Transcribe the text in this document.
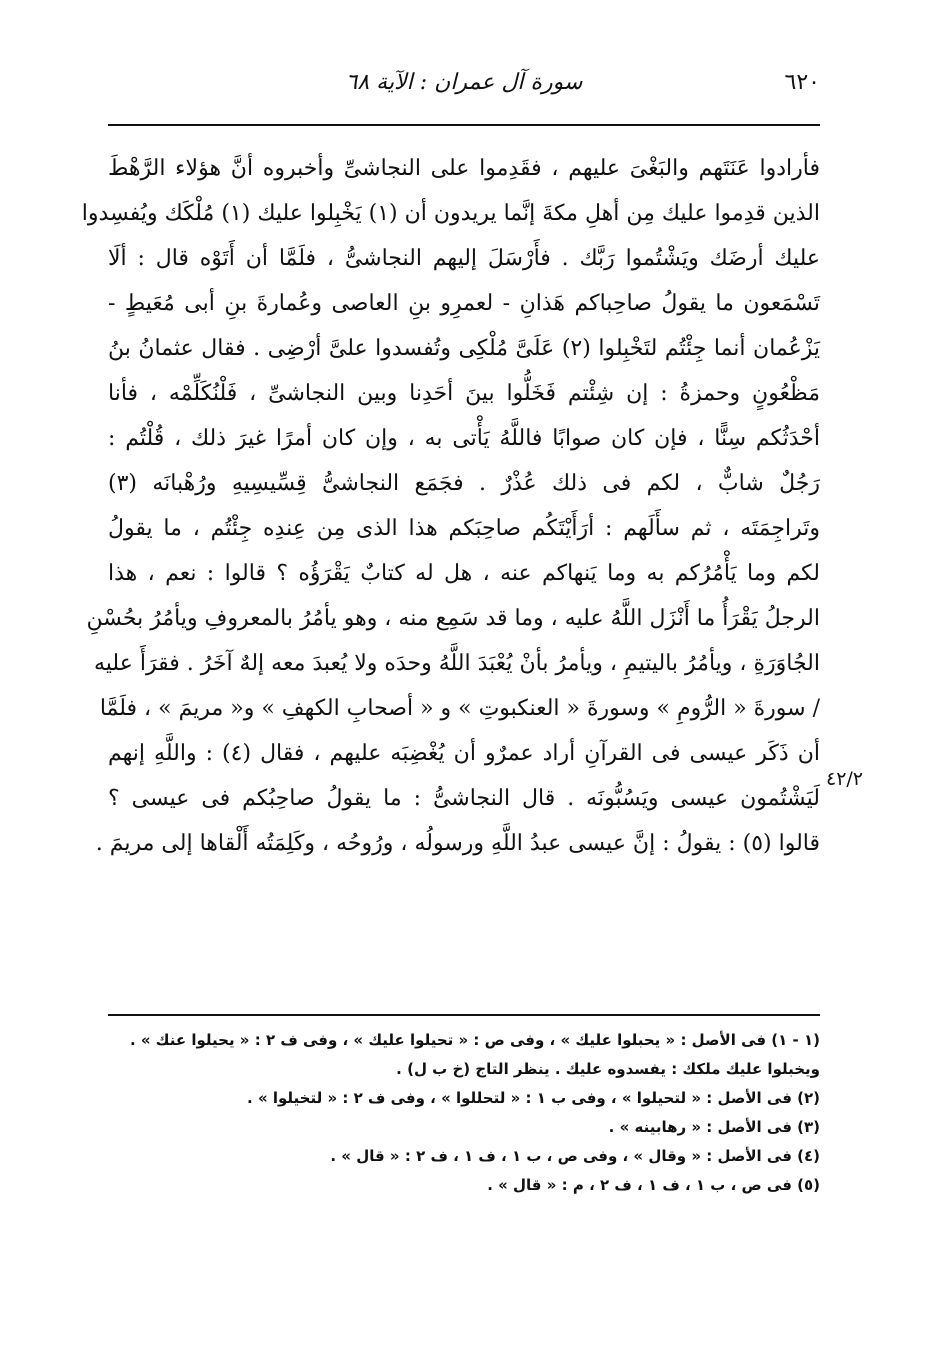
٦٢٠
سورة آل عمران : الآية ٦٨
٤٢/٢
فأرادوا عَنَتَهم والبَغْىَ عليهم ، فقَدِموا على النجاشىِّ وأخبروه أنَّ هؤلاء الرَّهْطَ
الذين قدِموا عليك مِن أهلِ مكةَ إنَّما يريدون أن (١) يَخْبِلوا عليك (١) مُلْكَك ويُفسِدوا
عليك أرضَك ويَشْتُموا رَبَّك . فأَرْسَلَ إليهم النجاشىُّ ، فلَمَّا أن أَتَوْه قال : ألَا
تَسْمَعون ما يقولُ صاحِباكم هَذانِ - لعمرِو بنِ العاصى وعُمارةَ بنِ أبى مُعَيطٍ -
يَزْعُمان أنما جِئْتُم لتَخْبِلوا (٢) عَلَىَّ مُلْكِى وتُفسدوا علىَّ أرْضِى . فقال عثمانُ بنُ
مَظْعُونٍ وحمزةُ : إن شِئْتم فَخَلُّوا بينَ أحَدِنا وبين النجاشىِّ ، فَلْنُكَلِّمْه ، فأنا
أحْدَثُكم سِنًّا ، فإن كان صوابًا فاللَّهُ يَأْتى به ، وإن كان أمرًا غيرَ ذلك ، قُلْتُم :
رَجُلٌ شابٌّ ، لكم فى ذلك عُذْرٌ . فجَمَع النجاشىُّ قِسِّيسِيهِ ورُهْبانَه (٣)
وتَراجِمَتَه ، ثم سأَلَهم : أرَأَيْتَكُم صاحِبَكم هذا الذى مِن عِندِه جِئْتُم ، ما يقولُ
لكم وما يَأْمُرُكم به وما يَنهاكم عنه ، هل له كتابٌ يَقْرَؤُه ؟ قالوا : نعم ، هذا
الرجلُ يَقْرَأُ ما أَنْزَل اللَّهُ عليه ، وما قد سَمِع منه ، وهو يأمُرُ بالمعروفِ ويأمُرُ بحُسْنِ
الجُاوَرَةِ ، ويأمُرُ باليتيمِ ، ويأمرُ بأنْ يُعْبَدَ اللَّهُ وحدَه ولا يُعبدَ معه إلهٌ آخَرُ . فقرَأَ عليه
/ سورةَ « الرُّومِ » وسورةَ « العنكبوتِ » و « أصحابِ الكهفِ » و« مريمَ » ، فلَمَّا
أن ذَكَر عيسى فى القرآنِ أراد عمرٌو أن يُغْضِبَه عليهم ، فقال (٤) : واللَّهِ إنهم
لَيَشْتُمون عيسى ويَسُبُّونَه . قال النجاشىُّ : ما يقولُ صاحِبُكم فى عيسى ؟
قالوا (٥) : يقولُ : إنَّ عيسى عبدُ اللَّهِ ورسولُه ، ورُوحُه ، وكَلِمَتُه أَلْقاها إلى مريمَ .
(١ - ١) فى الأصل : « يحبلوا عليك » ، وفى ص : « تحيلوا عليك » ، وفى ف ٢ : « يحيلوا عنك » .
ويخبلوا عليك ملكك : يفسدوه عليك . ينظر التاج (خ ب ل) .
(٢) فى الأصل : « لتحيلوا » ، وفى ب ١ : « لتحللوا » ، وفى ف ٢ : « لتخيلوا » .
(٣) فى الأصل : « رهابينه » .
(٤) فى الأصل : « وقال » ، وفى ص ، ب ١ ، ف ١ ، ف ٢ : « قال » .
(٥) فى ص ، ب ١ ، ف ١ ، ف ٢ ، م : « قال » .
